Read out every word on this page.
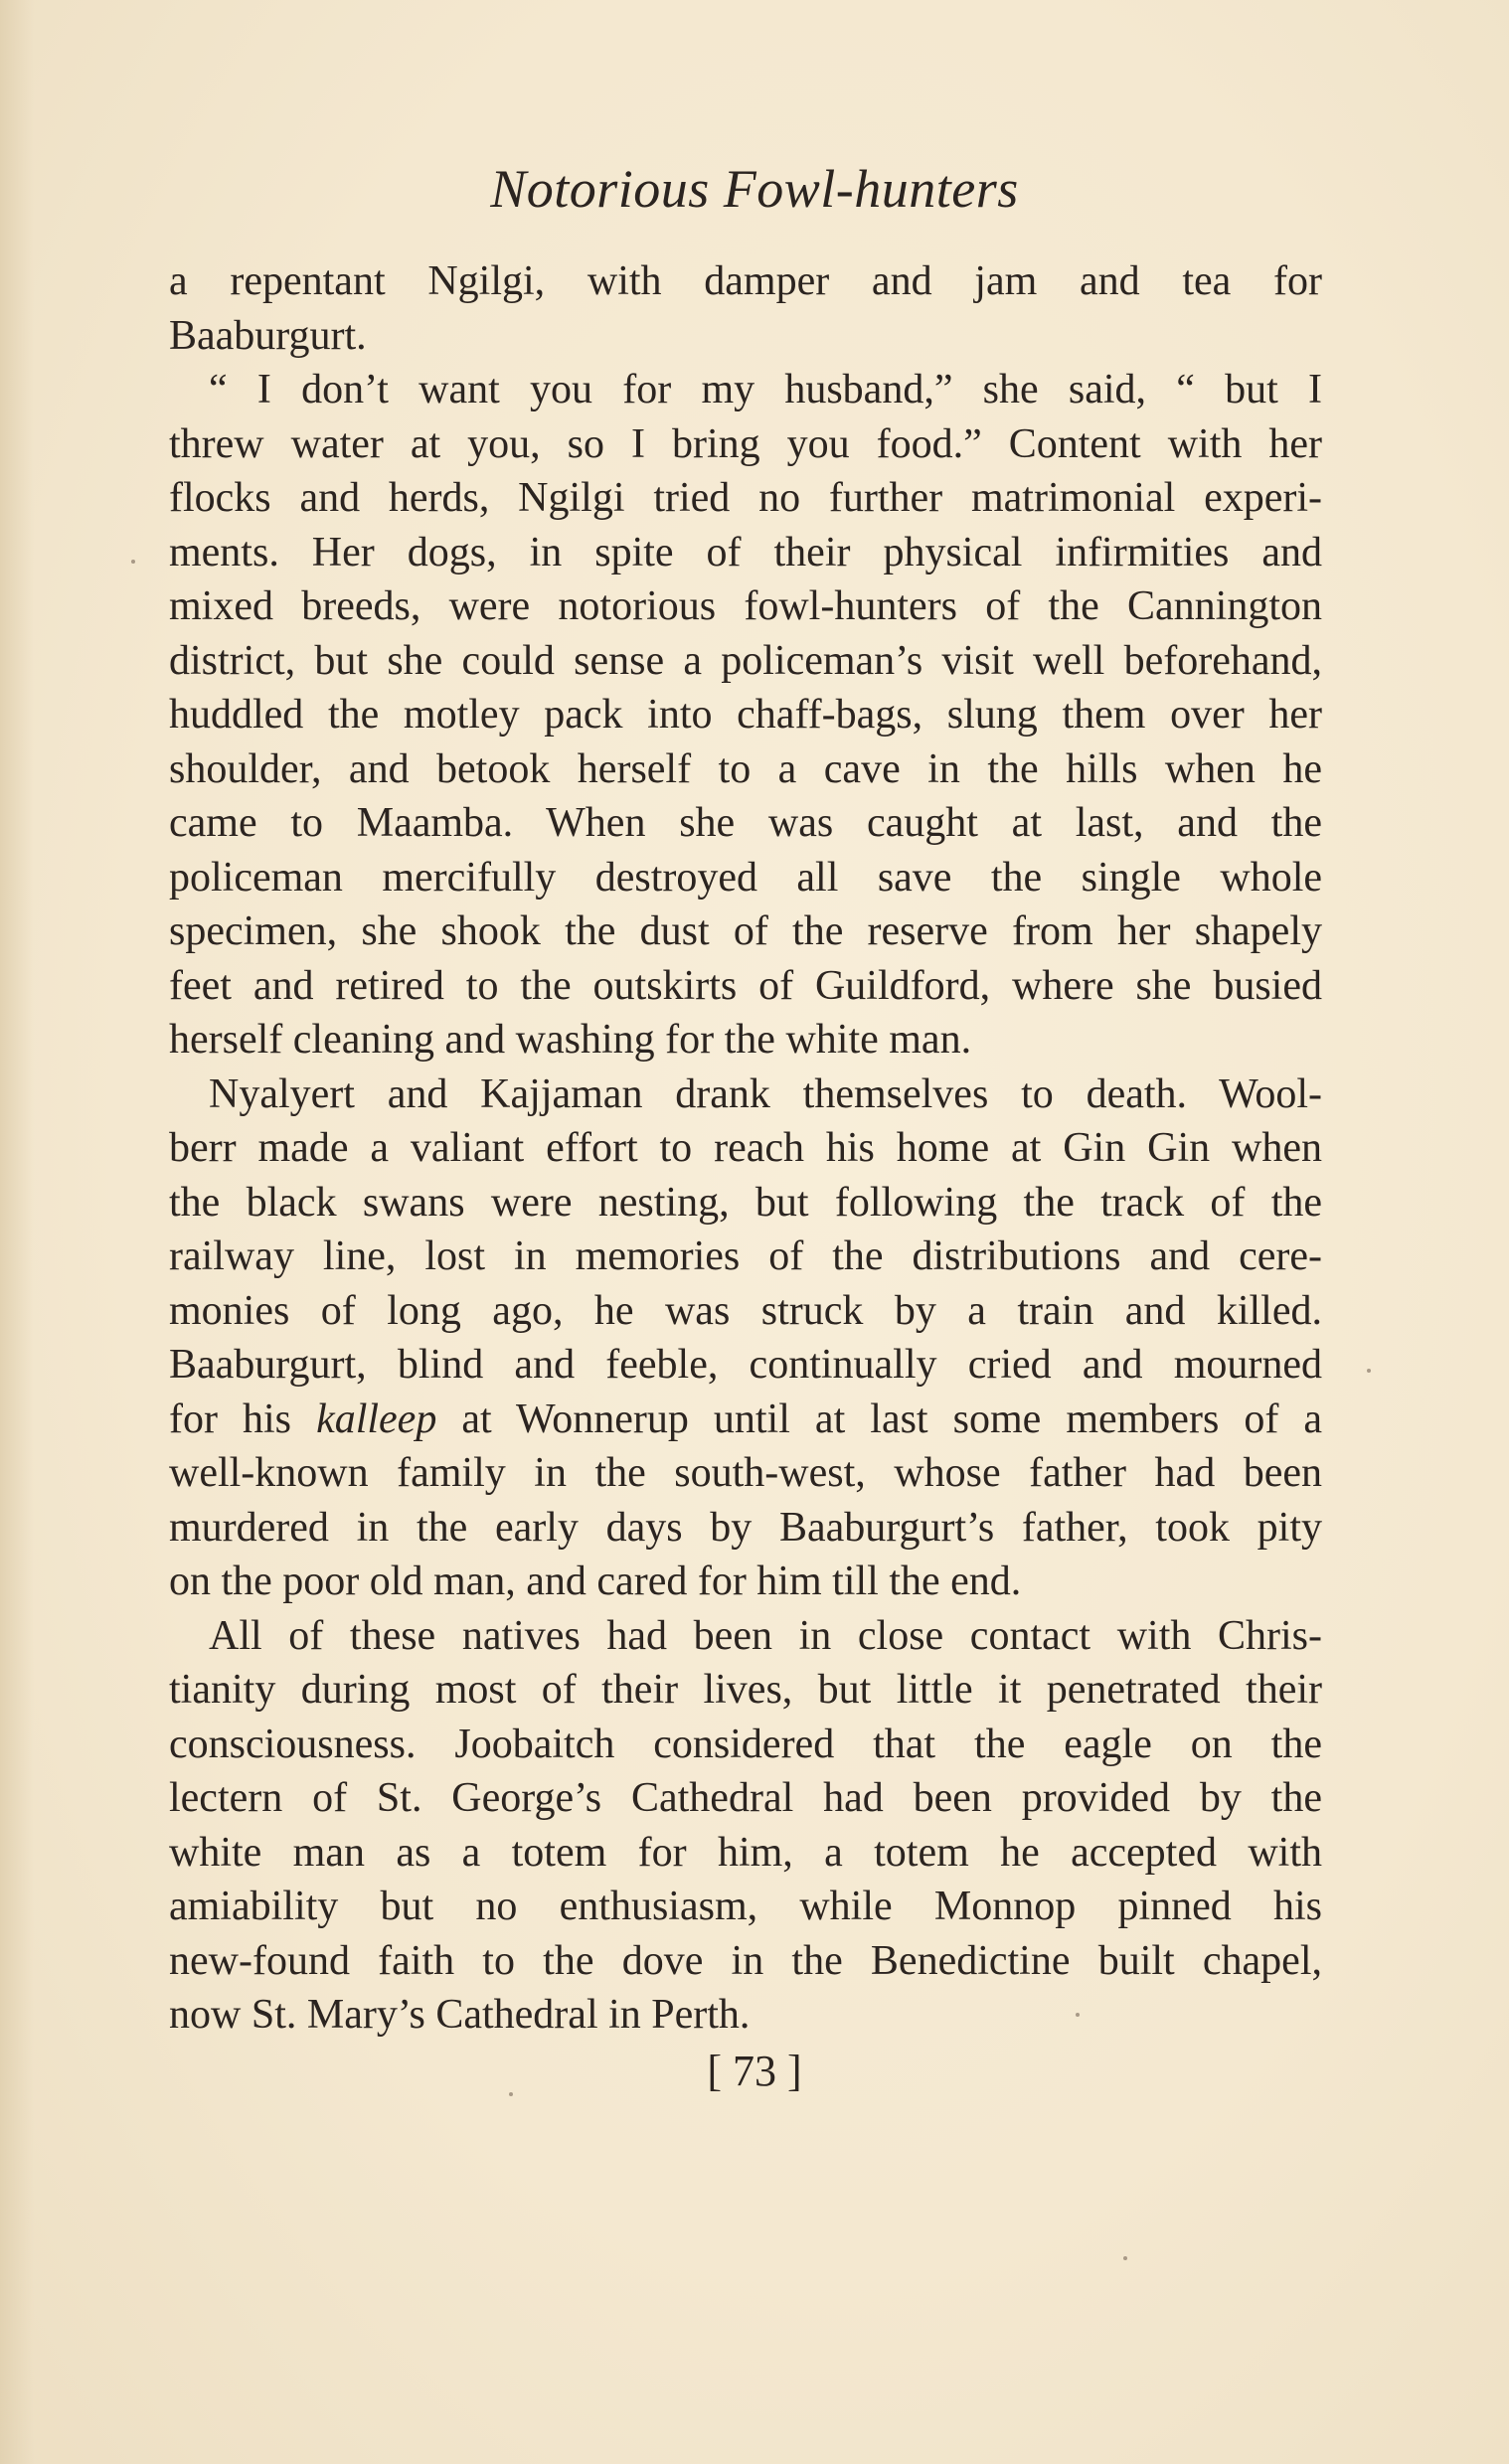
Notorious Fowl-hunters
a repentant Ngilgi, with damper and jam and tea for
Baaburgurt.
“ I don’t want you for my husband,” she said, “ but I
threw water at you, so I bring you food.” Content with her
flocks and herds, Ngilgi tried no further matrimonial experi-
ments. Her dogs, in spite of their physical infirmities and
mixed breeds, were notorious fowl-hunters of the Cannington
district, but she could sense a policeman’s visit well beforehand,
huddled the motley pack into chaff-bags, slung them over her
shoulder, and betook herself to a cave in the hills when he
came to Maamba. When she was caught at last, and the
policeman mercifully destroyed all save the single whole
specimen, she shook the dust of the reserve from her shapely
feet and retired to the outskirts of Guildford, where she busied
herself cleaning and washing for the white man.
Nyalyert and Kajjaman drank themselves to death. Wool-
berr made a valiant effort to reach his home at Gin Gin when
the black swans were nesting, but following the track of the
railway line, lost in memories of the distributions and cere-
monies of long ago, he was struck by a train and killed.
Baaburgurt, blind and feeble, continually cried and mourned
for his kalleep at Wonnerup until at last some members of a
well-known family in the south-west, whose father had been
murdered in the early days by Baaburgurt’s father, took pity
on the poor old man, and cared for him till the end.
All of these natives had been in close contact with Chris-
tianity during most of their lives, but little it penetrated their
consciousness. Joobaitch considered that the eagle on the
lectern of St. George’s Cathedral had been provided by the
white man as a totem for him, a totem he accepted with
amiability but no enthusiasm, while Monnop pinned his
new-found faith to the dove in the Benedictine built chapel,
now St. Mary’s Cathedral in Perth.
[ 73 ]
